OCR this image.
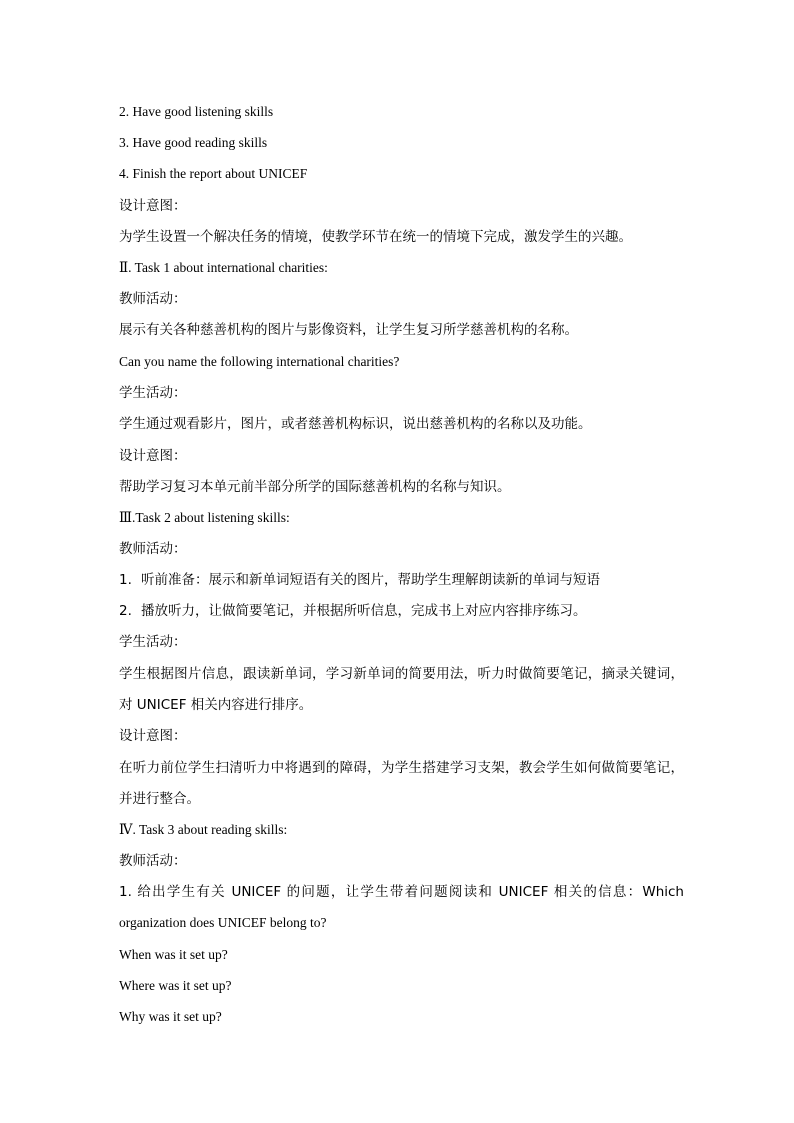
2. Have good listening skills
3. Have good reading skills
4. Finish the report about UNICEF
设计意图：
为学生设置一个解决任务的情境，使教学环节在统一的情境下完成，激发学生的兴趣。
Ⅱ. Task 1 about international charities:
教师活动：
展示有关各种慈善机构的图片与影像资料，让学生复习所学慈善机构的名称。
Can you name the following international charities?
学生活动：
学生通过观看影片，图片，或者慈善机构标识，说出慈善机构的名称以及功能。
设计意图：
帮助学习复习本单元前半部分所学的国际慈善机构的名称与知识。
Ⅲ.Task 2 about listening skills:
教师活动：
1. 听前准备：展示和新单词短语有关的图片，帮助学生理解朗读新的单词与短语
2. 播放听力，让做简要笔记，并根据所听信息，完成书上对应内容排序练习。
学生活动：
学生根据图片信息，跟读新单词，学习新单词的简要用法，听力时做简要笔记，摘录关键词，
对 UNICEF 相关内容进行排序。
设计意图：
在听力前位学生扫清听力中将遇到的障碍，为学生搭建学习支架，教会学生如何做简要笔记，
并进行整合。
Ⅳ. Task 3 about reading skills:
教师活动：
1. 给出学生有关 UNICEF 的问题，让学生带着问题阅读和 UNICEF 相关的信息：Which
organization does UNICEF belong to?
When was it set up?
Where was it set up?
Why was it set up?
